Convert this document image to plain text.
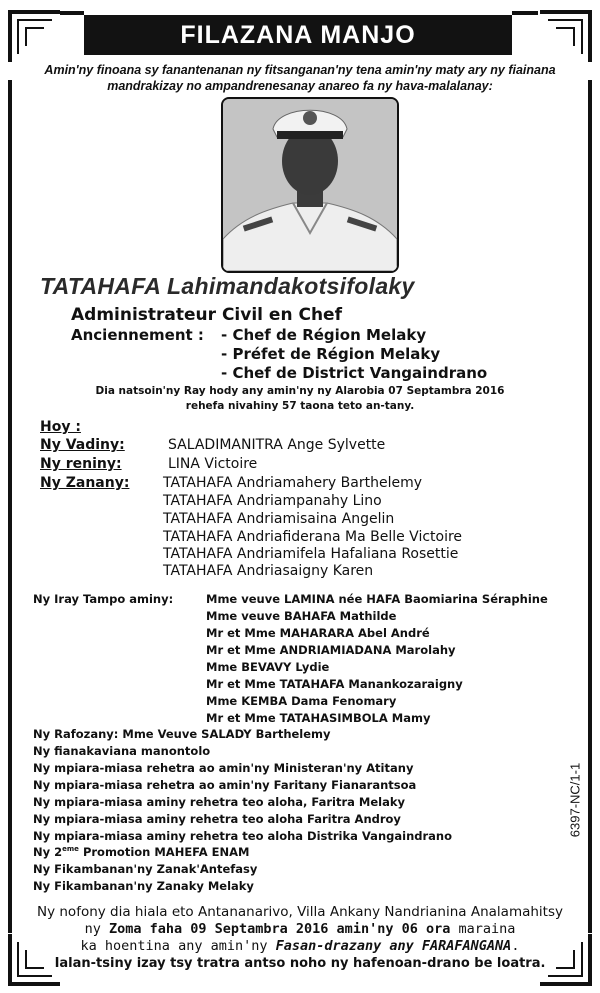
FILAZANA MANJO
Amin'ny finoana sy fanantenanan ny fitsanganan'ny tena amin'ny maty ary ny fiainana
mandrakizay no ampandrenesanay anareo fa ny hava-malalanay:
TATAHAFA Lahimandakotsifolaky
Administrateur Civil en Chef
Anciennement : - Chef de Région Melaky
- Préfet de Région Melaky
- Chef de District Vangaindrano
Dia natsoin'ny Ray hody any amin'ny ny Alarobia 07 Septambra 2016
rehefa nivahiny 57 taona teto an-tany.
Hoy :
Ny Vadiny:	SALADIMANITRA Ange Sylvette
Ny reniny:	LINA Victoire
Ny Zanany: TATAHAFA Andriamahery Barthelemy
TATAHAFA Andriampanahy Lino
TATAHAFA Andriamisaina Angelin
TATAHAFA Andriafiderana Ma Belle Victoire
TATAHAFA Andriamifela Hafaliana Rosettie
TATAHAFA Andriasaigny Karen
Ny Iray Tampo aminy:	Mme veuve LAMINA née HAFA Baomiarina Séraphine
Mme veuve BAHAFA Mathilde
Mr et Mme MAHARARA Abel André
Mr et Mme ANDRIAMIADANA Marolahy
Mme BEVAVY Lydie
Mr et Mme TATAHAFA Manankozaraigny
Mme KEMBA Dama Fenomary
Mr et Mme TATAHASIMBOLA Mamy
Ny Rafozany: Mme Veuve SALADY Barthelemy
Ny fianakaviana manontolo
Ny mpiara-miasa rehetra ao amin'ny Ministeran'ny Atitany
Ny mpiara-miasa rehetra ao amin'ny Faritany Fianarantsoa
Ny mpiara-miasa aminy rehetra teo aloha, Faritra Melaky
Ny mpiara-miasa aminy rehetra teo aloha Faritra Androy
Ny mpiara-miasa aminy rehetra teo aloha Distrika Vangaindrano
Ny 2eme Promotion MAHEFA ENAM
Ny Fikambanan'ny Zanak'Antefasy
Ny Fikambanan'ny Zanaky Melaky
6397-NC/1-1
Ny nofony dia hiala eto Antananarivo, Villa Ankany Nandrianina Analamahitsy
ny Zoma faha 09 Septambra 2016 amin'ny 06 ora maraina
ka hoentina any amin'ny Fasan-drazany any FARAFANGANA.
Ialan-tsiny izay tsy tratra antso noho ny hafenoan-drano be loatra.
